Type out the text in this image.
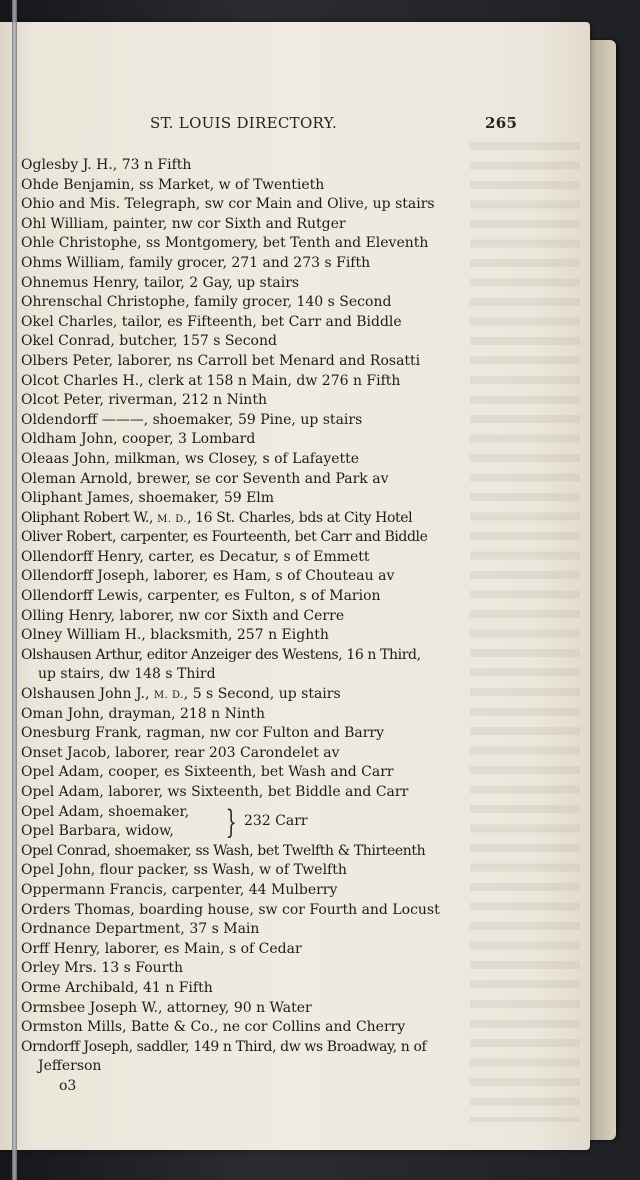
ST. LOUIS DIRECTORY.	265
Oglesby J. H., 73 n Fifth
Ohde Benjamin, ss Market, w of Twentieth
Ohio and Mis. Telegraph, sw cor Main and Olive, up stairs
Ohl William, painter, nw cor Sixth and Rutger
Ohle Christophe, ss Montgomery, bet Tenth and Eleventh
Ohms William, family grocer, 271 and 273 s Fifth
Ohnemus Henry, tailor, 2 Gay, up stairs
Ohrenschal Christophe, family grocer, 140 s Second
Okel Charles, tailor, es Fifteenth, bet Carr and Biddle
Okel Conrad, butcher, 157 s Second
Olbers Peter, laborer, ns Carroll bet Menard and Rosatti
Olcot Charles H., clerk at 158 n Main, dw 276 n Fifth
Olcot Peter, riverman, 212 n Ninth
Oldendorff ———, shoemaker, 59 Pine, up stairs
Oldham John, cooper, 3 Lombard
Oleaas John, milkman, ws Closey, s of Lafayette
Oleman Arnold, brewer, se cor Seventh and Park av
Oliphant James, shoemaker, 59 Elm
Oliphant Robert W., M. D., 16 St. Charles, bds at City Hotel
Oliver Robert, carpenter, es Fourteenth, bet Carr and Biddle
Ollendorff Henry, carter, es Decatur, s of Emmett
Ollendorff Joseph, laborer, es Ham, s of Chouteau av
Ollendorff Lewis, carpenter, es Fulton, s of Marion
Olling Henry, laborer, nw cor Sixth and Cerre
Olney William H., blacksmith, 257 n Eighth
Olshausen Arthur, editor Anzeiger des Westens, 16 n Third,
up stairs, dw 148 s Third
Olshausen John J., M. D., 5 s Second, up stairs
Oman John, drayman, 218 n Ninth
Onesburg Frank, ragman, nw cor Fulton and Barry
Onset Jacob, laborer, rear 203 Carondelet av
Opel Adam, cooper, es Sixteenth, bet Wash and Carr
Opel Adam, laborer, ws Sixteenth, bet Biddle and Carr
Opel Adam, shoemaker,
Opel Barbara, widow,	} 232 Carr
Opel Conrad, shoemaker, ss Wash, bet Twelfth & Thirteenth
Opel John, flour packer, ss Wash, w of Twelfth
Oppermann Francis, carpenter, 44 Mulberry
Orders Thomas, boarding house, sw cor Fourth and Locust
Ordnance Department, 37 s Main
Orff Henry, laborer, es Main, s of Cedar
Orley Mrs. 13 s Fourth
Orme Archibald, 41 n Fifth
Ormsbee Joseph W., attorney, 90 n Water
Ormston Mills, Batte & Co., ne cor Collins and Cherry
Orndorff Joseph, saddler, 149 n Third, dw ws Broadway, n of
Jefferson
o3
